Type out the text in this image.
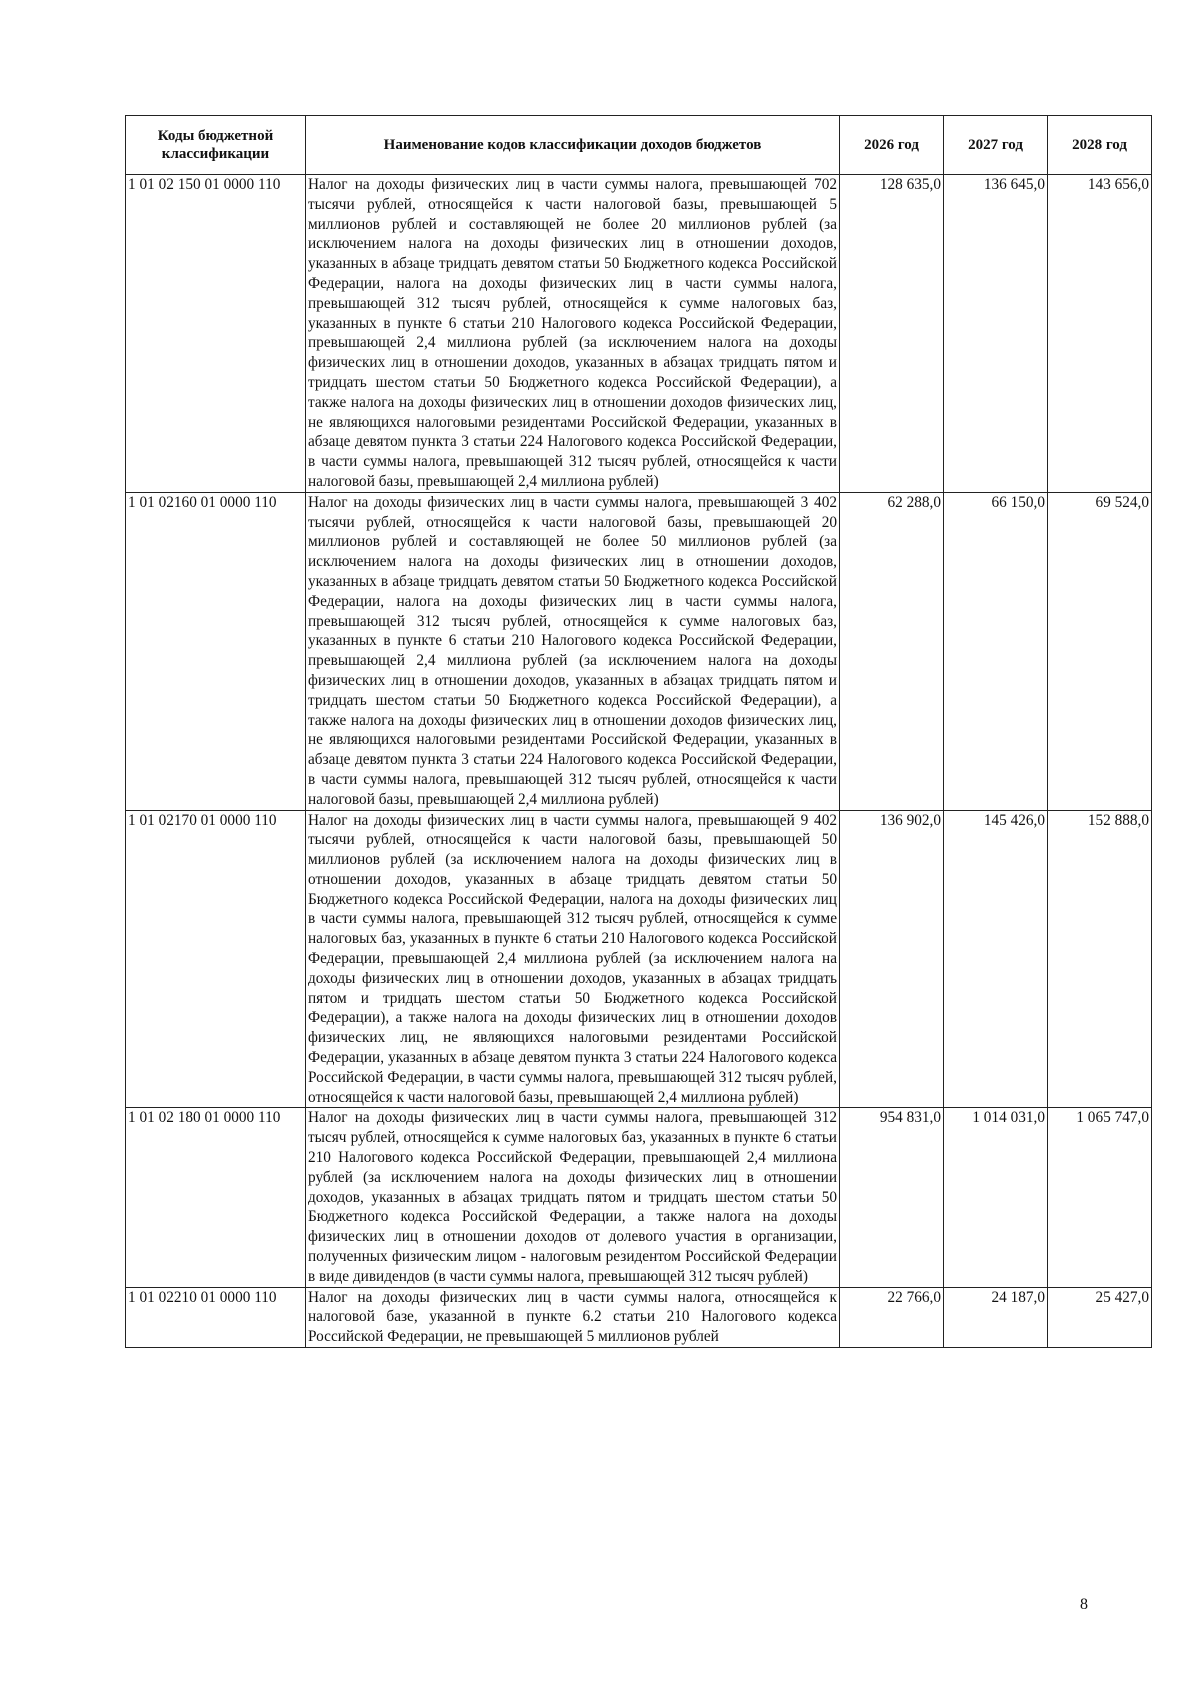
Коды бюджетной классификации	Наименование кодов классификации доходов бюджетов	2026 год	2027 год	2028 год
1 01 02 150 01 0000 110	Налог на доходы физических лиц в части суммы налога, превышающей 702 тысячи рублей, относящейся к части налоговой базы, превышающей 5 миллионов рублей и составляющей не более 20 миллионов рублей (за исключением налога на доходы физических лиц в отношении доходов, указанных в абзаце тридцать девятом статьи 50 Бюджетного кодекса Российской Федерации, налога на доходы физических лиц в части суммы налога, превышающей 312 тысяч рублей, относящейся к сумме налоговых баз, указанных в пункте 6 статьи 210 Налогового кодекса Российской Федерации, превышающей 2,4 миллиона рублей (за исключением налога на доходы физических лиц в отношении доходов, указанных в абзацах тридцать пятом и тридцать шестом статьи 50 Бюджетного кодекса Российской Федерации), а также налога на доходы физических лиц в отношении доходов физических лиц, не являющихся налоговыми резидентами Российской Федерации, указанных в абзаце девятом пункта 3 статьи 224 Налогового кодекса Российской Федерации, в части суммы налога, превышающей 312 тысяч рублей, относящейся к части налоговой базы, превышающей 2,4 миллиона рублей)	128 635,0	136 645,0	143 656,0
1 01 02160 01 0000 110	Налог на доходы физических лиц в части суммы налога, превышающей 3 402 тысячи рублей, относящейся к части налоговой базы, превышающей 20 миллионов рублей и составляющей не более 50 миллионов рублей (за исключением налога на доходы физических лиц в отношении доходов, указанных в абзаце тридцать девятом статьи 50 Бюджетного кодекса Российской Федерации, налога на доходы физических лиц в части суммы налога, превышающей 312 тысяч рублей, относящейся к сумме налоговых баз, указанных в пункте 6 статьи 210 Налогового кодекса Российской Федерации, превышающей 2,4 миллиона рублей (за исключением налога на доходы физических лиц в отношении доходов, указанных в абзацах тридцать пятом и тридцать шестом статьи 50 Бюджетного кодекса Российской Федерации), а также налога на доходы физических лиц в отношении доходов физических лиц, не являющихся налоговыми резидентами Российской Федерации, указанных в абзаце девятом пункта 3 статьи 224 Налогового кодекса Российской Федерации, в части суммы налога, превышающей 312 тысяч рублей, относящейся к части налоговой базы, превышающей 2,4 миллиона рублей)	62 288,0	66 150,0	69 524,0
1 01 02170 01 0000 110	Налог на доходы физических лиц в части суммы налога, превышающей 9 402 тысячи рублей, относящейся к части налоговой базы, превышающей 50 миллионов рублей (за исключением налога на доходы физических лиц в отношении доходов, указанных в абзаце тридцать девятом статьи 50 Бюджетного кодекса Российской Федерации, налога на доходы физических лиц в части суммы налога, превышающей 312 тысяч рублей, относящейся к сумме налоговых баз, указанных в пункте 6 статьи 210 Налогового кодекса Российской Федерации, превышающей 2,4 миллиона рублей (за исключением налога на доходы физических лиц в отношении доходов, указанных в абзацах тридцать пятом и тридцать шестом статьи 50 Бюджетного кодекса Российской Федерации), а также налога на доходы физических лиц в отношении доходов физических лиц, не являющихся налоговыми резидентами Российской Федерации, указанных в абзаце девятом пункта 3 статьи 224 Налогового кодекса Российской Федерации, в части суммы налога, превышающей 312 тысяч рублей, относящейся к части налоговой базы, превышающей 2,4 миллиона рублей)	136 902,0	145 426,0	152 888,0
1 01 02 180 01 0000 110	Налог на доходы физических лиц в части суммы налога, превышающей 312 тысяч рублей, относящейся к сумме налоговых баз, указанных в пункте 6 статьи 210 Налогового кодекса Российской Федерации, превышающей 2,4 миллиона рублей (за исключением налога на доходы физических лиц в отношении доходов, указанных в абзацах тридцать пятом и тридцать шестом статьи 50 Бюджетного кодекса Российской Федерации, а также налога на доходы физических лиц в отношении доходов от долевого участия в организации, полученных физическим лицом - налоговым резидентом Российской Федерации в виде дивидендов (в части суммы налога, превышающей 312 тысяч рублей)	954 831,0	1 014 031,0	1 065 747,0
1 01 02210 01 0000 110	Налог на доходы физических лиц в части суммы налога, относящейся к налоговой базе, указанной в пункте 6.2 статьи 210 Налогового кодекса Российской Федерации, не превышающей 5 миллионов рублей	22 766,0	24 187,0	25 427,0
8
